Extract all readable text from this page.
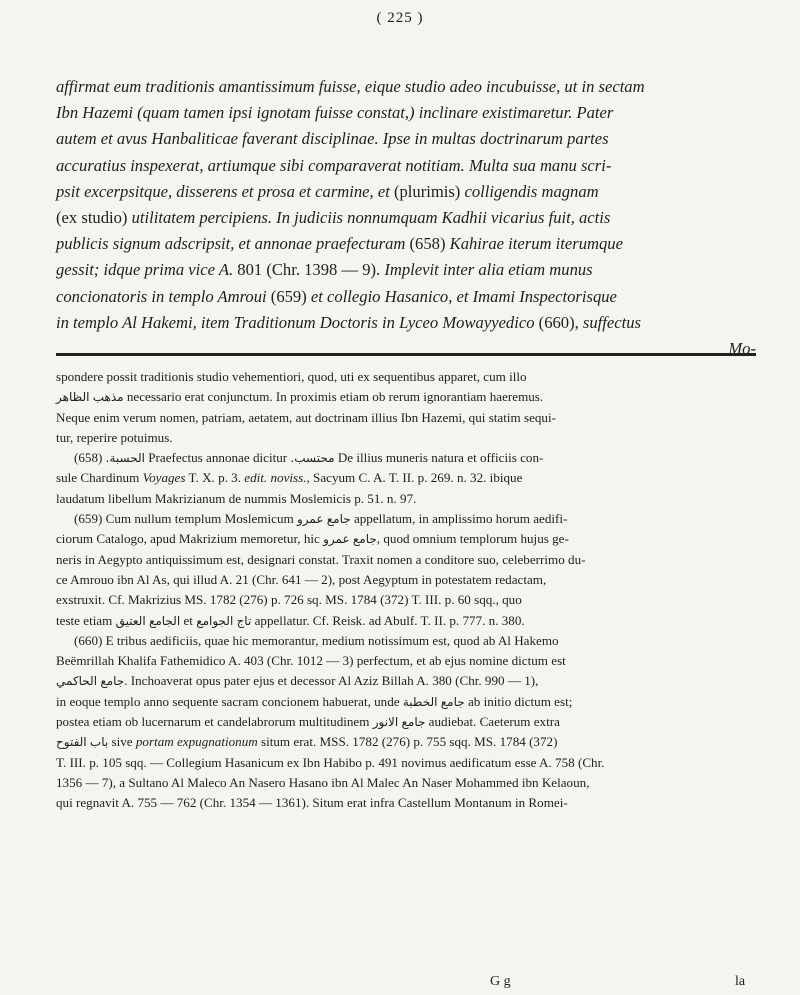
( 225 )

affirmat eum traditionis amantissimum fuisse, eique studio adeo incubuisse, ut in sectam

Ibn Hazemi (quam tamen ipsi ignotam fuisse constat,) inclinare existimaretur. Pater

autem et avus Hanbaliticae faverant disciplinae. Ipse in multas doctrinarum partes

accuratius inspexerat, artiumque sibi comparaverat notitiam. Multa sua manu scri-

psit excerpsitque, disserens et prosa et carmine, et (plurimis) colligendis magnam

(ex studio) utilitatem percipiens. In judiciis nonnumquam Kadhii vicarius fuit, actis

publicis signum adscripsit, et annonae praefecturam (658) Kahirae iterum iterumque

gessit; idque prima vice A. 801 (Chr. 1398 — 9). Implevit inter alia etiam munus

concionatoris in templo Amroui (659) et collegio Hasanico, et Imami Inspectorisque

in templo Al Hakemi, item Traditionum Doctoris in Lyceo Mowayyedico (660), suffectus

Mo-

spondere possit traditionis studio vehementiori, quod, uti ex sequentibus apparet, cum illo

الظاهر مذهب necessario erat conjunctum. In proximis etiam ob rerum ignorantiam haeremus.

Neque enim verum nomen, patriam, aetatem, aut doctrinam illius Ibn Hazemi, qui statim sequi-

tur, reperire potuimus.

(658) الحسبة. Praefectus annonae dicitur محتسب. De illius muneris natura et officiis con-

sule Chardinum Voyages T. X. p. 3. edit. noviss., Sacyum C. A. T. II. p. 269. n. 32. ibique

laudatum libellum Makrizianum de nummis Moslemicis p. 51. n. 97.

(659) Cum nullum templum Moslemicum عمرو جامع appellatum, in amplissimo horum aedifi-

ciorum Catalogo, apud Makrizium memoretur, hic عمرو جامع, quod omnium templorum hujus ge-

neris in Aegypto antiquissimum est, designari constat. Traxit nomen a conditore suo, celeberrimo du-

ce Amrouo ibn Al As, qui illud A. 21 (Chr. 641 — 2), post Aegyptum in potestatem redactam,

exstruxit. Cf. Makrizius MS. 1782 (276) p. 726 sq. MS. 1784 (372) T. III. p. 60 sqq., quo

teste etiam العتيق الجامع et الجوامع تاج appellatur. Cf. Reisk. ad Abulf. T. II. p. 777. n. 380.

(660) E tribus aedificiis, quae hic memorantur, medium notissimum est, quod ab Al Hakemo

Beëmrillah Khalifa Fathemidico A. 403 (Chr. 1012 — 3) perfectum, et ab ejus nomine dictum est

الحاكمي جامع. Inchoaverat opus pater ejus et decessor Al Aziz Billah A. 380 (Chr. 990 — 1),

in eoque templo anno sequente sacram concionem habuerat, unde الخطبة جامع ab initio dictum est;

postea etiam ob lucernarum et candelabrorum multitudinem الانور جامع audiebat. Caeterum extra

الفتوح باب sive portam expugnationum situm erat. MSS. 1782 (276) p. 755 sqq. MS. 1784 (372)

T. III. p. 105 sqq. — Collegium Hasanicum ex Ibn Habibo p. 491 novimus aedificatum esse A. 758 (Chr.

1356 — 7), a Sultano Al Maleco An Nasero Hasano ibn Al Malec An Naser Mohammed ibn Kelaoun,

qui regnavit A. 755 — 762 (Chr. 1354 — 1361). Situm erat infra Castellum Montanum in Romei-

G g	la
